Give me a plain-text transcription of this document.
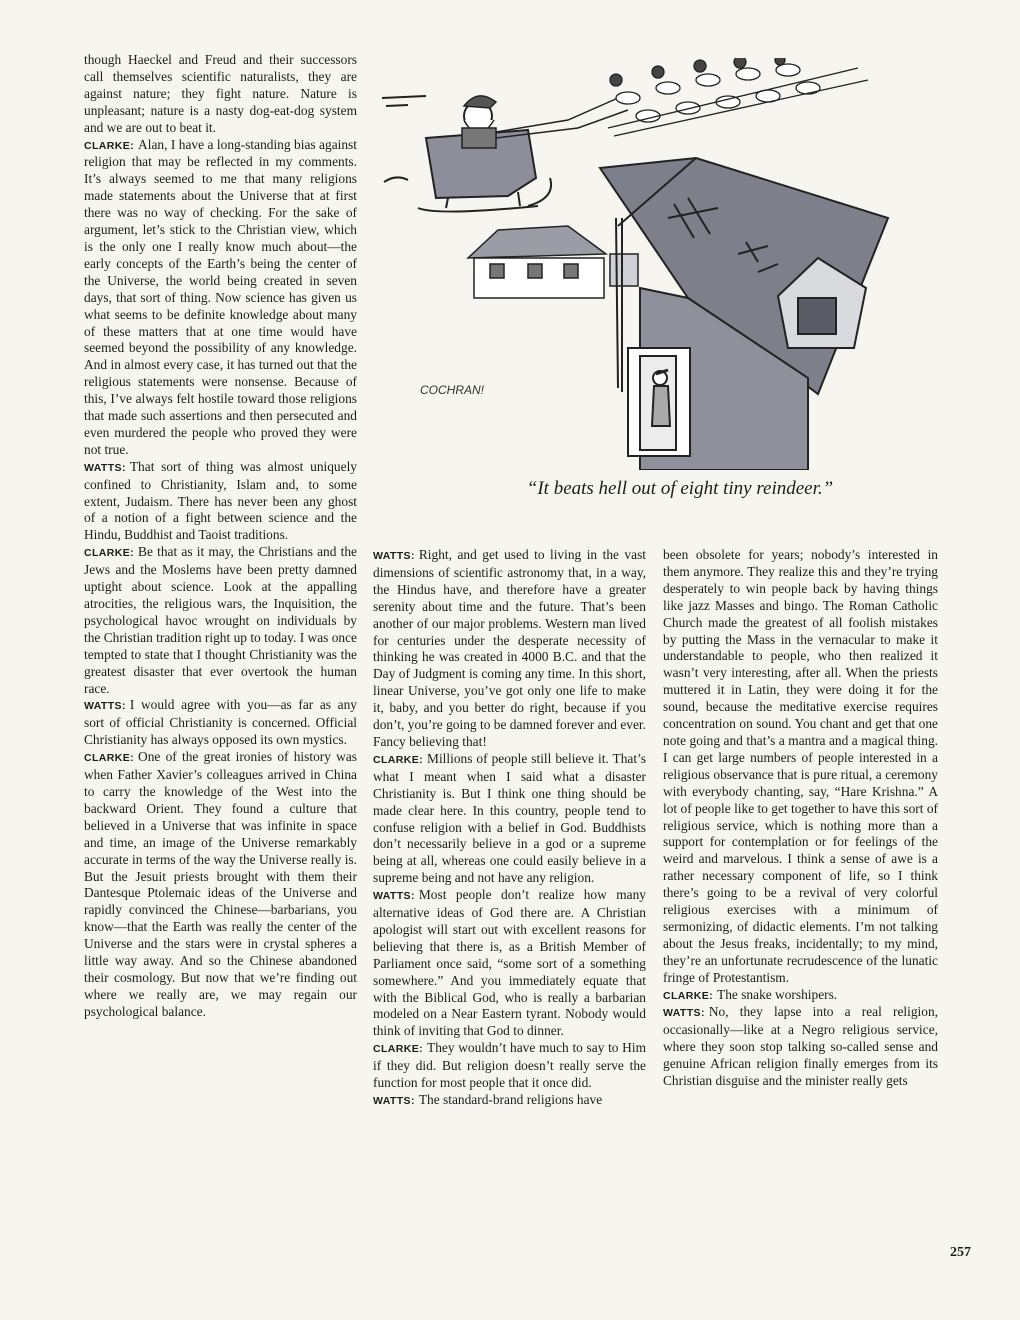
though Haeckel and Freud and their successors call themselves scientific naturalists, they are against nature; they fight nature. Nature is unpleasant; nature is a nasty dog-eat-dog system and we are out to beat it.

CLARKE: Alan, I have a long-standing bias against religion that may be reflected in my comments. It’s always seemed to me that many religions made statements about the Universe that at first there was no way of checking. For the sake of argument, let’s stick to the Christian view, which is the only one I really know much about—the early concepts of the Earth’s being the center of the Universe, the world being created in seven days, that sort of thing. Now science has given us what seems to be definite knowledge about many of these matters that at one time would have seemed beyond the possibility of any knowledge. And in almost every case, it has turned out that the religious statements were nonsense. Because of this, I’ve always felt hostile toward those religions that made such assertions and then persecuted and even murdered the people who proved they were not true.

WATTS: That sort of thing was almost uniquely confined to Christianity, Islam and, to some extent, Judaism. There has never been any ghost of a notion of a fight between science and the Hindu, Buddhist and Taoist traditions.

CLARKE: Be that as it may, the Christians and the Jews and the Moslems have been pretty damned uptight about science. Look at the appalling atrocities, the religious wars, the Inquisition, the psychological havoc wrought on individuals by the Christian tradition right up to today. I was once tempted to state that I thought Christianity was the greatest disaster that ever overtook the human race.

WATTS: I would agree with you—as far as any sort of official Christianity is concerned. Official Christianity has always opposed its own mystics.

CLARKE: One of the great ironies of history was when Father Xavier’s colleagues arrived in China to carry the knowledge of the West into the backward Orient. They found a culture that believed in a Universe that was infinite in space and time, an image of the Universe remarkably accurate in terms of the way the Universe really is. But the Jesuit priests brought with them their Dantesque Ptolemaic ideas of the Universe and rapidly convinced the Chinese—barbarians, you know—that the Earth was really the center of the Universe and the stars were in crystal spheres a little way away. And so the Chinese abandoned their cosmology. But now that we’re finding out where we really are, we may regain our psychological balance.

COCHRAN!
“It beats hell out of eight tiny reindeer.”

WATTS: Right, and get used to living in the vast dimensions of scientific astronomy that, in a way, the Hindus have, and therefore have a greater serenity about time and the future. That’s been another of our major problems. Western man lived for centuries under the desperate necessity of thinking he was created in 4000 B.C. and that the Day of Judgment is coming any time. In this short, linear Universe, you’ve got only one life to make it, baby, and you better do right, because if you don’t, you’re going to be damned forever and ever. Fancy believing that!

CLARKE: Millions of people still believe it. That’s what I meant when I said what a disaster Christianity is. But I think one thing should be made clear here. In this country, people tend to confuse religion with a belief in God. Buddhists don’t necessarily believe in a god or a supreme being at all, whereas one could easily believe in a supreme being and not have any religion.

WATTS: Most people don’t realize how many alternative ideas of God there are. A Christian apologist will start out with excellent reasons for believing that there is, as a British Member of Parliament once said, “some sort of a something somewhere.” And you immediately equate that with the Biblical God, who is really a barbarian modeled on a Near Eastern tyrant. Nobody would think of inviting that God to dinner.

CLARKE: They wouldn’t have much to say to Him if they did. But religion doesn’t really serve the function for most people that it once did.

WATTS: The standard-brand religions have

been obsolete for years; nobody’s interested in them anymore. They realize this and they’re trying desperately to win people back by having things like jazz Masses and bingo. The Roman Catholic Church made the greatest of all foolish mistakes by putting the Mass in the vernacular to make it understandable to people, who then realized it wasn’t very interesting, after all. When the priests muttered it in Latin, they were doing it for the sound, because the meditative exercise requires concentration on sound. You chant and get that one note going and that’s a mantra and a magical thing. I can get large numbers of people interested in a religious observance that is pure ritual, a ceremony with everybody chanting, say, “Hare Krishna.” A lot of people like to get together to have this sort of religious service, which is nothing more than a support for contemplation or for feelings of the weird and marvelous. I think a sense of awe is a rather necessary component of life, so I think there’s going to be a revival of very colorful religious exercises with a minimum of sermonizing, of didactic elements. I’m not talking about the Jesus freaks, incidentally; to my mind, they’re an unfortunate recrudescence of the lunatic fringe of Protestantism.

CLARKE: The snake worshipers.

WATTS: No, they lapse into a real religion, occasionally—like at a Negro religious service, where they soon stop talking so-called sense and genuine African religion finally emerges from its Christian disguise and the minister really gets

257
